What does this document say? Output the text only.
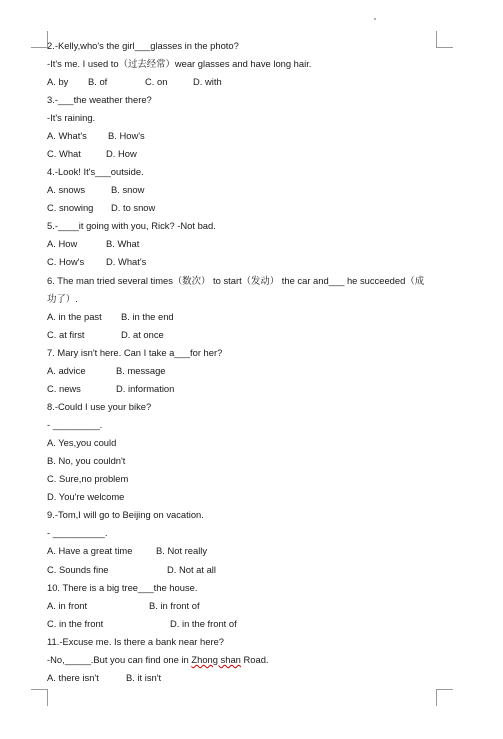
2.-Kelly,who's the girl___glasses in the photo?
-It's me. I used to（过去经常）wear glasses and have long hair.
A. by B. of	C. on	D. with
3.-___the weather there?
-It's raining.
A. What's B. How's
C. What	D. How
4.-Look! It's___outside.
A. snows	B. snow
C. snowing D. to snow
5.-____it going with you, Rick? -Not bad.
A. How	B. What
C. How's D. What's
6. The man tried several times（数次） to start（发动） the car and___ he succeeded（成
功了）.
A. in the past B. in the end
C. at first	D. at once
7. Mary isn't here. Can I take a___for her?
A. advice	B. message
C. news	D. information
8.-Could I use your bike?
- _________.
A. Yes,you could
B. No, you couldn't
C. Sure,no problem
D. You're welcome
9.-Tom,I will go to Beijing on vacation.
- __________.
A. Have a great time	B. Not really
C. Sounds fine	D. Not at all
10. There is a big tree___the house.
A. in front	B. in front of
C. in the front	D. in the front of
11.-Excuse me. Is there a bank near here?
-No,_____.But you can find one in Zhong shan Road.
A. there isn't	B. it isn't
